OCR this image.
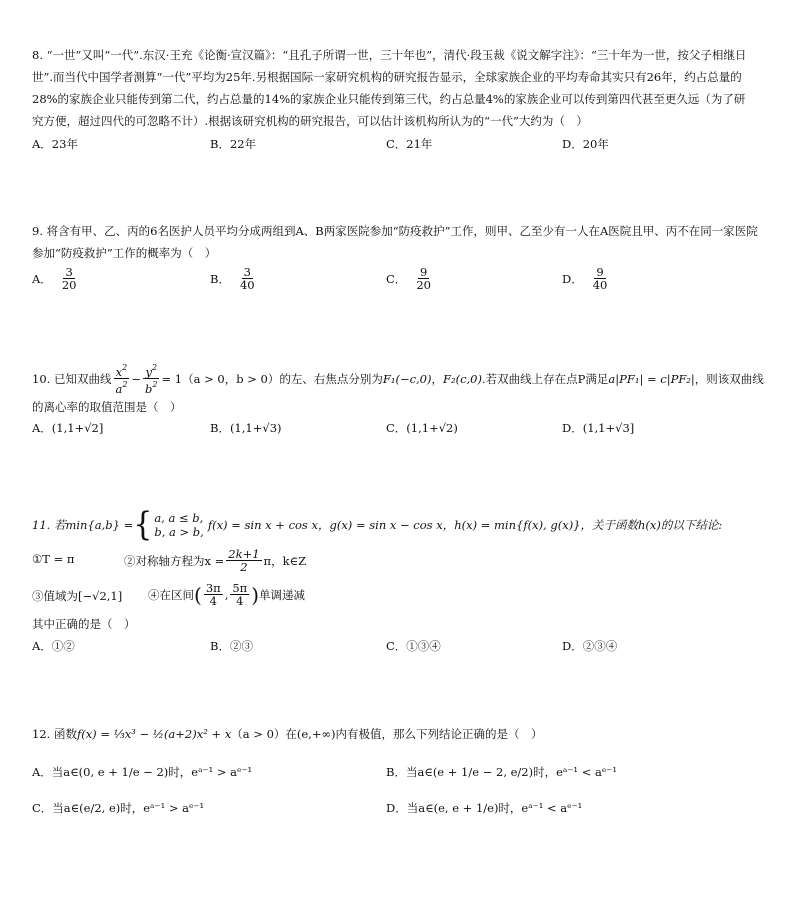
8. “一世”又叫“一代”.东汉·王充《论衡·宣汉篇》：“且孔子所谓一世，三十年也”，清代·段玉裁《说文解字注》：“三十年为一世，按父子相继日
世”.而当代中国学者测算“一代”平均为25年.另根据国际一家研究机构的研究报告显示，全球家族企业的平均寿命其实只有26年，约占总量的
28%的家族企业只能传到第二代，约占总量的14%的家族企业只能传到第三代，约占总量4%的家族企业可以传到第四代甚至更久远（为了研
究方便，超过四代的可忽略不计）.根据该研究机构的研究报告，可以估计该机构所认为的“一代”大约为（　）
A．23年	B．22年	C．21年	D．20年
9. 将含有甲、乙、丙的6名医护人员平均分成两组到A、B两家医院参加“防疫救护”工作，则甲、乙至少有一人在A医院且甲、丙不在同一家医院
参加“防疫救护”工作的概率为（　）
A． $\frac{3}{20}$	B． $\frac{3}{40}$	C． $\frac{9}{20}$	D． $\frac{9}{40}$
10. 已知双曲线 $\frac{x^2}{a^2} - \frac{y^2}{b^2} = 1$ （a > 0，b > 0）的左、右焦点分别为 F₁(−c,0) ， F₂(c,0) .若双曲线上存在点P满足 a|PF₁| = c|PF₂| ，则该双曲线
的离心率的取值范围是（　）
A．(1,1+√2]	B．(1,1+√3)	C．(1,1+√2)	D．(1,1+√3]
11. 若min{a,b} = { a, a ≤ b,
b, a > b, f(x) = sin x + cos x，g(x) = sin x − cos x，h(x) = min{f(x), g(x)}，关于函数h(x)的以下结论:
①T = π	②对称轴方程为$x = \frac{2k+1}{2}$ π，k∈Z
③值域为[−√2,1] ④在区间 ( $\frac{3\pi}{4}$ , $\frac{5\pi}{4}$ ) 单调递减
其中正确的是（　）
A．①②	B．②③	C．①③④	D．②③④
12. 函数 f(x) = ⅓x³ − ½(a+2)x² + x （a > 0）在(e,+∞)内有极值，那么下列结论正确的是（　）
A．当a∈(0, e + 1/e − 2)时，eᵃ⁻¹ > aᵉ⁻¹	B．当a∈(e + 1/e − 2, e/2)时，eᵃ⁻¹ < aᵉ⁻¹
C．当a∈(e/2, e)时，eᵃ⁻¹ > aᵉ⁻¹	D．当a∈(e, e + 1/e)时，eᵃ⁻¹ < aᵉ⁻¹
